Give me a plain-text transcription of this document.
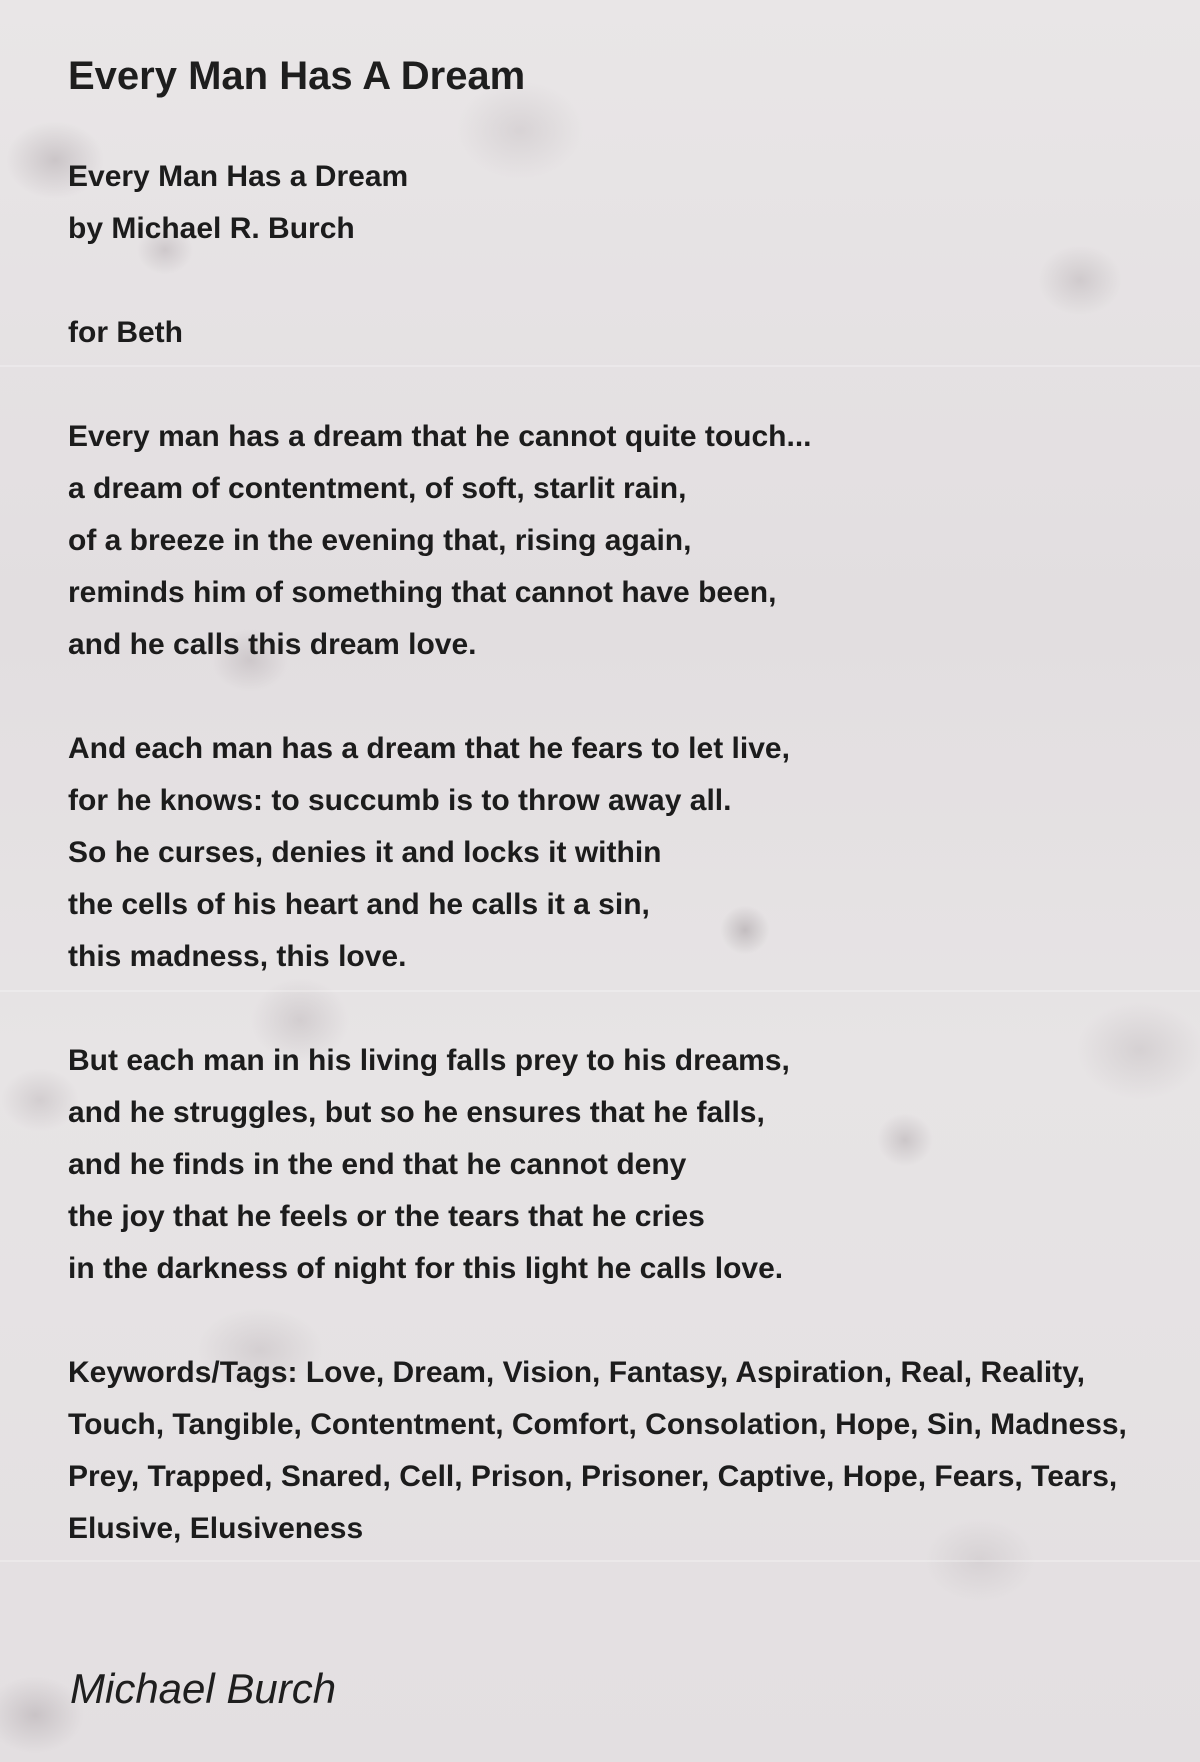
Every Man Has A Dream
Every Man Has a Dream
by Michael R. Burch
for Beth
Every man has a dream that he cannot quite touch...
a dream of contentment, of soft, starlit rain,
of a breeze in the evening that, rising again,
reminds him of something that cannot have been,
and he calls this dream love.
And each man has a dream that he fears to let live,
for he knows: to succumb is to throw away all.
So he curses, denies it and locks it within
the cells of his heart and he calls it a sin,
this madness, this love.
But each man in his living falls prey to his dreams,
and he struggles, but so he ensures that he falls,
and he finds in the end that he cannot deny
the joy that he feels or the tears that he cries
in the darkness of night for this light he calls love.
Keywords/Tags: Love, Dream, Vision, Fantasy, Aspiration, Real, Reality, Touch, Tangible, Contentment, Comfort, Consolation, Hope, Sin, Madness, Prey, Trapped, Snared, Cell, Prison, Prisoner, Captive, Hope, Fears, Tears, Elusive, Elusiveness
Michael Burch
